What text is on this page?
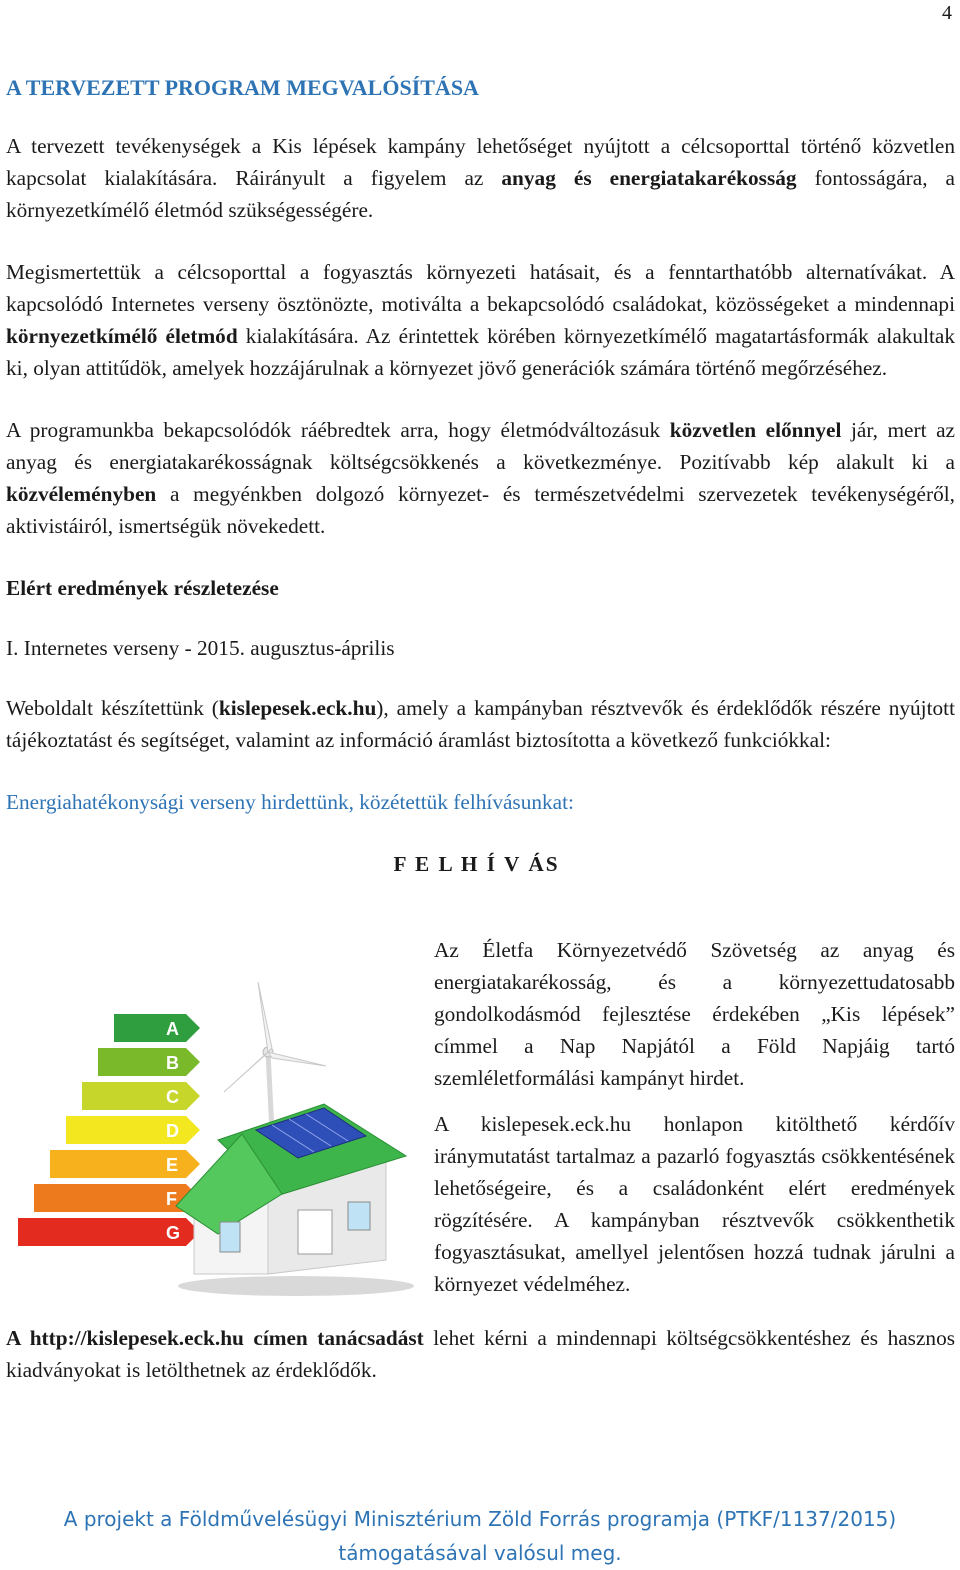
4

A TERVEZETT PROGRAM MEGVALÓSÍTÁSA

A tervezett tevékenységek a Kis lépések kampány lehetőséget nyújtott a célcsoporttal történő közvetlen kapcsolat kialakítására. Ráirányult a figyelem az anyag és energiatakarékosság fontosságára, a környezetkímélő életmód szükségességére.

Megismertettük a célcsoporttal a fogyasztás környezeti hatásait, és a fenntarthatóbb alternatívákat. A kapcsolódó Internetes verseny ösztönözte, motiválta a bekapcsolódó családokat, közösségeket a mindennapi környezetkímélő életmód kialakítására. Az érintettek körében környezetkímélő magatartásformák alakultak ki, olyan attitűdök, amelyek hozzájárulnak a környezet jövő generációk számára történő megőrzéséhez.

A programunkba bekapcsolódók ráébredtek arra, hogy életmódváltozásuk közvetlen előnnyel jár, mert az anyag és energiatakarékosságnak költségcsökkenés a következménye. Pozitívabb kép alakult ki a közvéleményben a megyénkben dolgozó környezet- és természetvédelmi szervezetek tevékenységéről, aktivistáiról, ismertségük növekedett.

Elért eredmények részletezése

I. Internetes verseny - 2015. augusztus-április

Weboldalt készítettünk (kislepesek.eck.hu), amely a kampányban résztvevők és érdeklődők részére nyújtott tájékoztatást és segítséget, valamint az információ áramlást biztosította a következő funkciókkal:

Energiahatékonysági verseny hirdettünk, közétettük felhívásunkat:

F E L H Í V ÁS

A
B
C
D
E
F
G

Az Életfa Környezetvédő Szövetség az anyag és energiatakarékosság, és a környezettudatosabb gondolkodásmód fejlesztése érdekében „Kis lépések” címmel a Nap Napjától a Föld Napjáig tartó szemléletformálási kampányt hirdet.

A kislepesek.eck.hu honlapon kitölthető kérdőív iránymutatást tartalmaz a pazarló fogyasztás csökkentésének lehetőségeire, és a családonként elért eredmények rögzítésére. A kampányban résztvevők csökkenthetik fogyasztásukat, amellyel jelentősen hozzá tudnak járulni a környezet védelméhez.

A http://kislepesek.eck.hu címen tanácsadást lehet kérni a mindennapi költségcsökkentéshez és hasznos kiadványokat is letölthetnek az érdeklődők.

A projekt a Földművelésügyi Minisztérium Zöld Forrás programja (PTKF/1137/2015)
támogatásával valósul meg.
